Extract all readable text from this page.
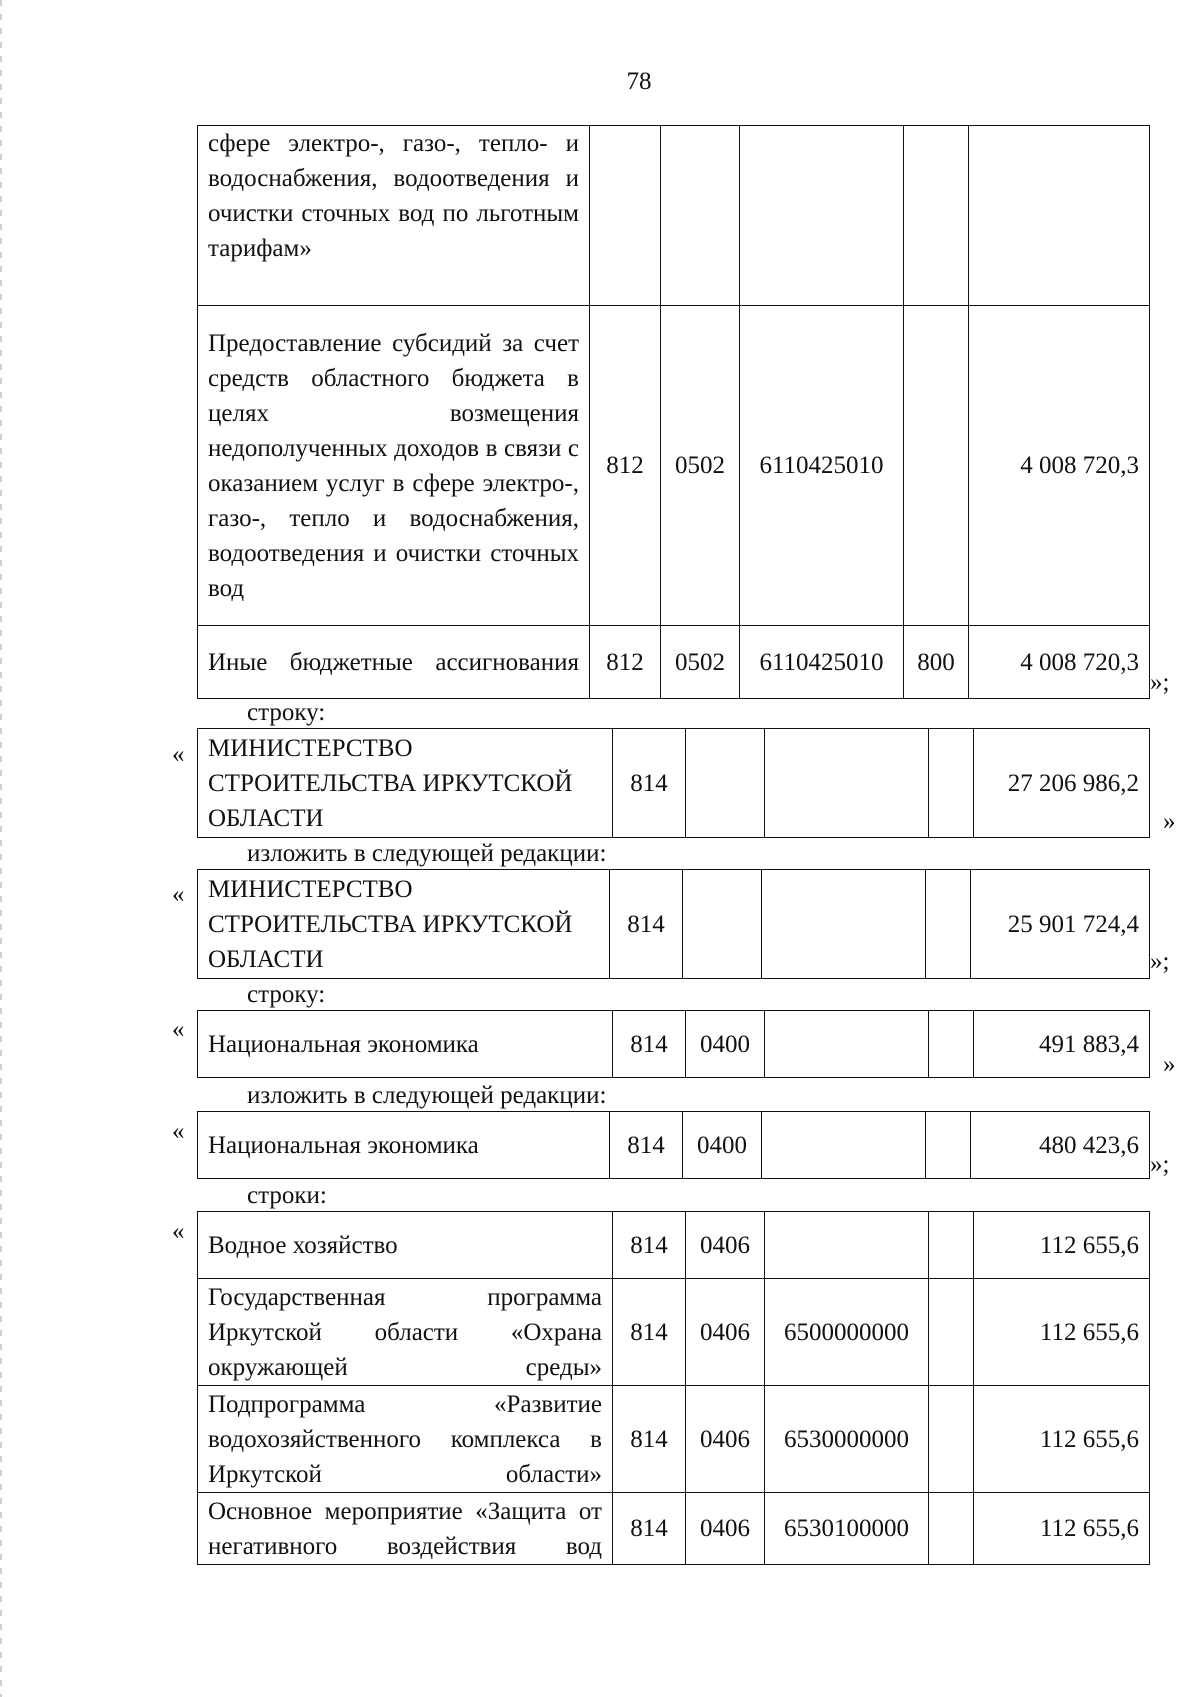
78
сфере электро-, газо-, тепло- и водоснабжения, водоотведения и очистки сточных вод по льготным тарифам»					
Предоставление субсидий за счет средств областного бюджета в целях возмещения недополученных доходов в связи с оказанием услуг в сфере электро-, газо-, тепло и водоснабжения, водоотведения и очистки сточных вод	812	0502	6110425010		4 008 720,3
Иные бюджетные ассигнования	812	0502	6110425010	800	4 008 720,3
»;
строку:
« МИНИСТЕРСТВО СТРОИТЕЛЬСТВА ИРКУТСКОЙ ОБЛАСТИ	814				27 206 986,2
»
изложить в следующей редакции:
« МИНИСТЕРСТВО СТРОИТЕЛЬСТВА ИРКУТСКОЙ ОБЛАСТИ	814				25 901 724,4
»;
строку:
«
Национальная экономика	814	0400			491 883,4
»
изложить в следующей редакции:
« Национальная экономика	814	0400			480 423,6
»;
строки:
« Водное хозяйство	814	0406			112 655,6
Государственная программа Иркутской области «Охрана окружающей среды»	814	0406	6500000000		112 655,6
Подпрограмма «Развитие водохозяйственного комплекса в Иркутской области»	814	0406	6530000000		112 655,6
Основное мероприятие «Защита от негативного воздействия вод	814	0406	6530100000		112 655,6
